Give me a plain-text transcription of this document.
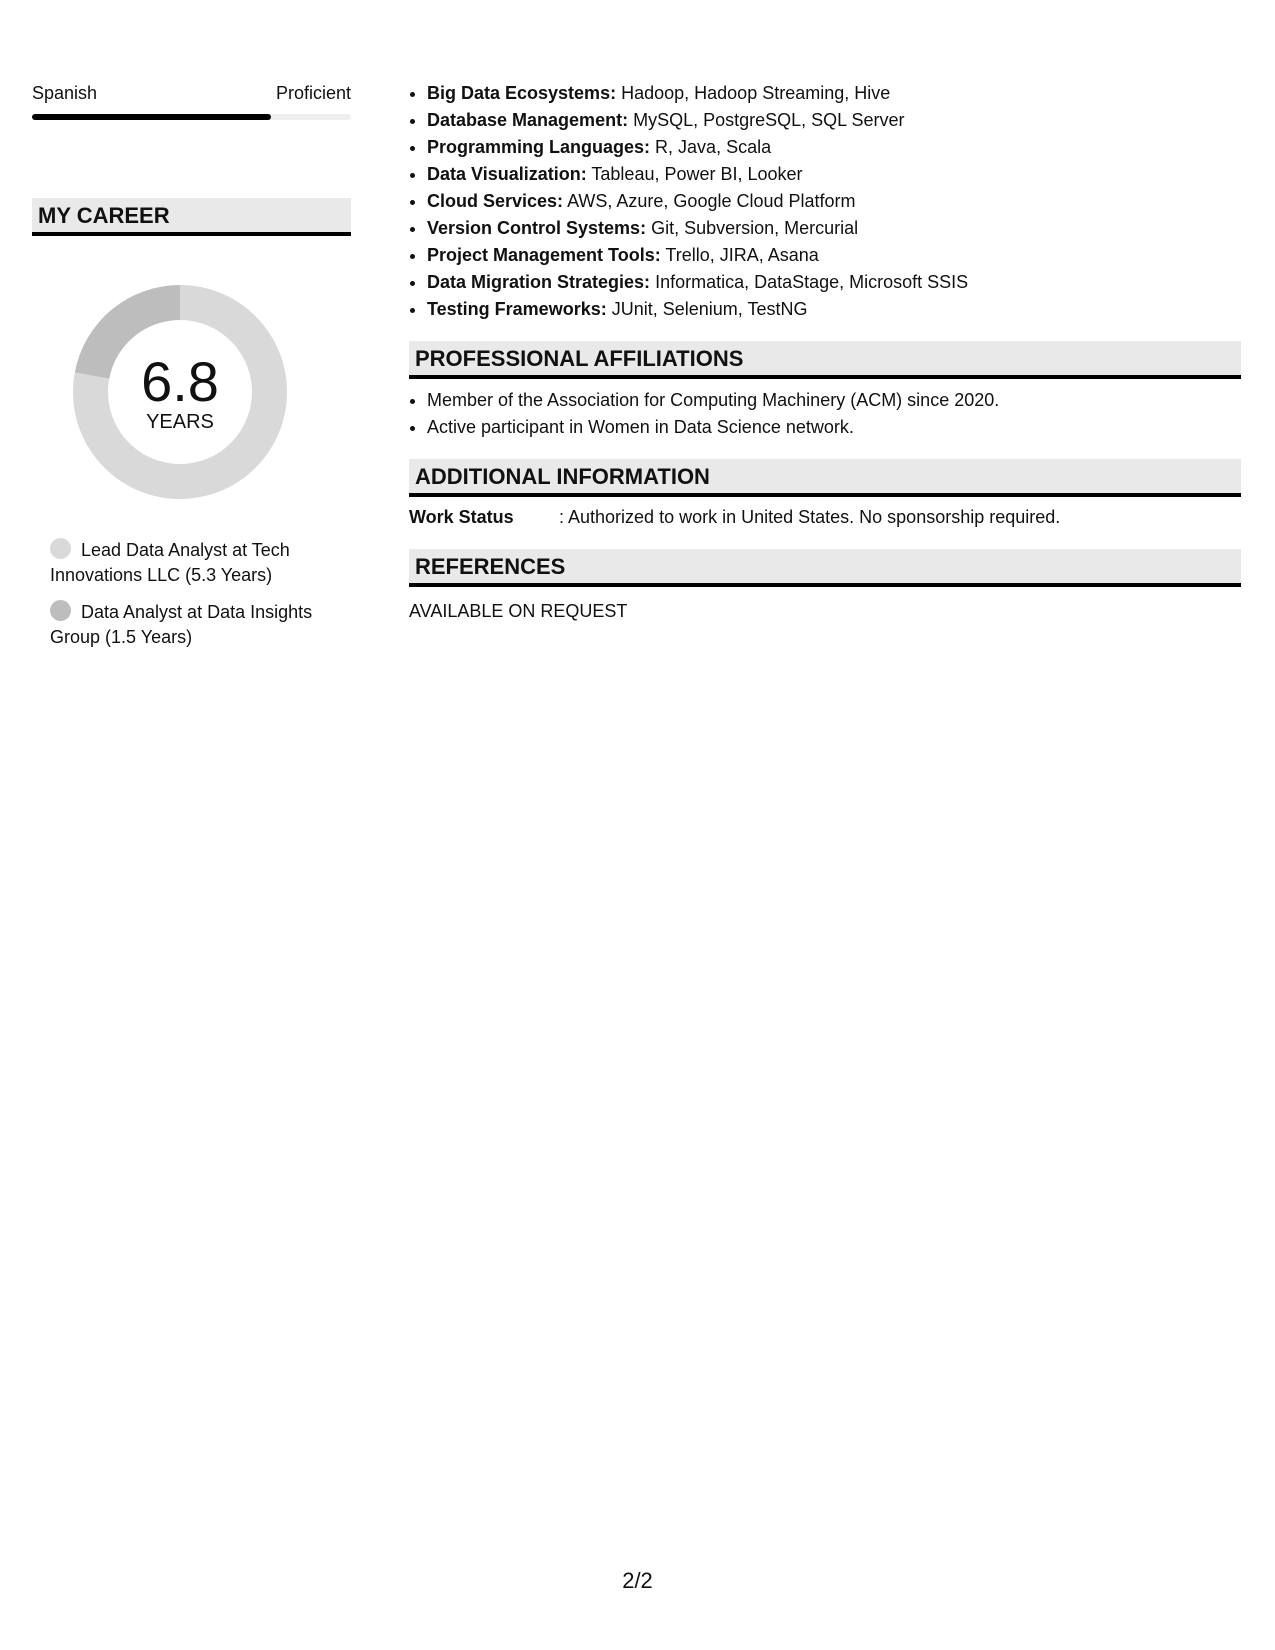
Spanish	Proficient
MY CAREER
6.8
YEARS
Lead Data Analyst at Tech Innovations LLC (5.3 Years)
Data Analyst at Data Insights Group (1.5 Years)
• Big Data Ecosystems: Hadoop, Hadoop Streaming, Hive
• Database Management: MySQL, PostgreSQL, SQL Server
• Programming Languages: R, Java, Scala
• Data Visualization: Tableau, Power BI, Looker
• Cloud Services: AWS, Azure, Google Cloud Platform
• Version Control Systems: Git, Subversion, Mercurial
• Project Management Tools: Trello, JIRA, Asana
• Data Migration Strategies: Informatica, DataStage, Microsoft SSIS
• Testing Frameworks: JUnit, Selenium, TestNG
PROFESSIONAL AFFILIATIONS
• Member of the Association for Computing Machinery (ACM) since 2020.
• Active participant in Women in Data Science network.
ADDITIONAL INFORMATION
Work Status	: Authorized to work in United States. No sponsorship required.
REFERENCES
AVAILABLE ON REQUEST
2/2
